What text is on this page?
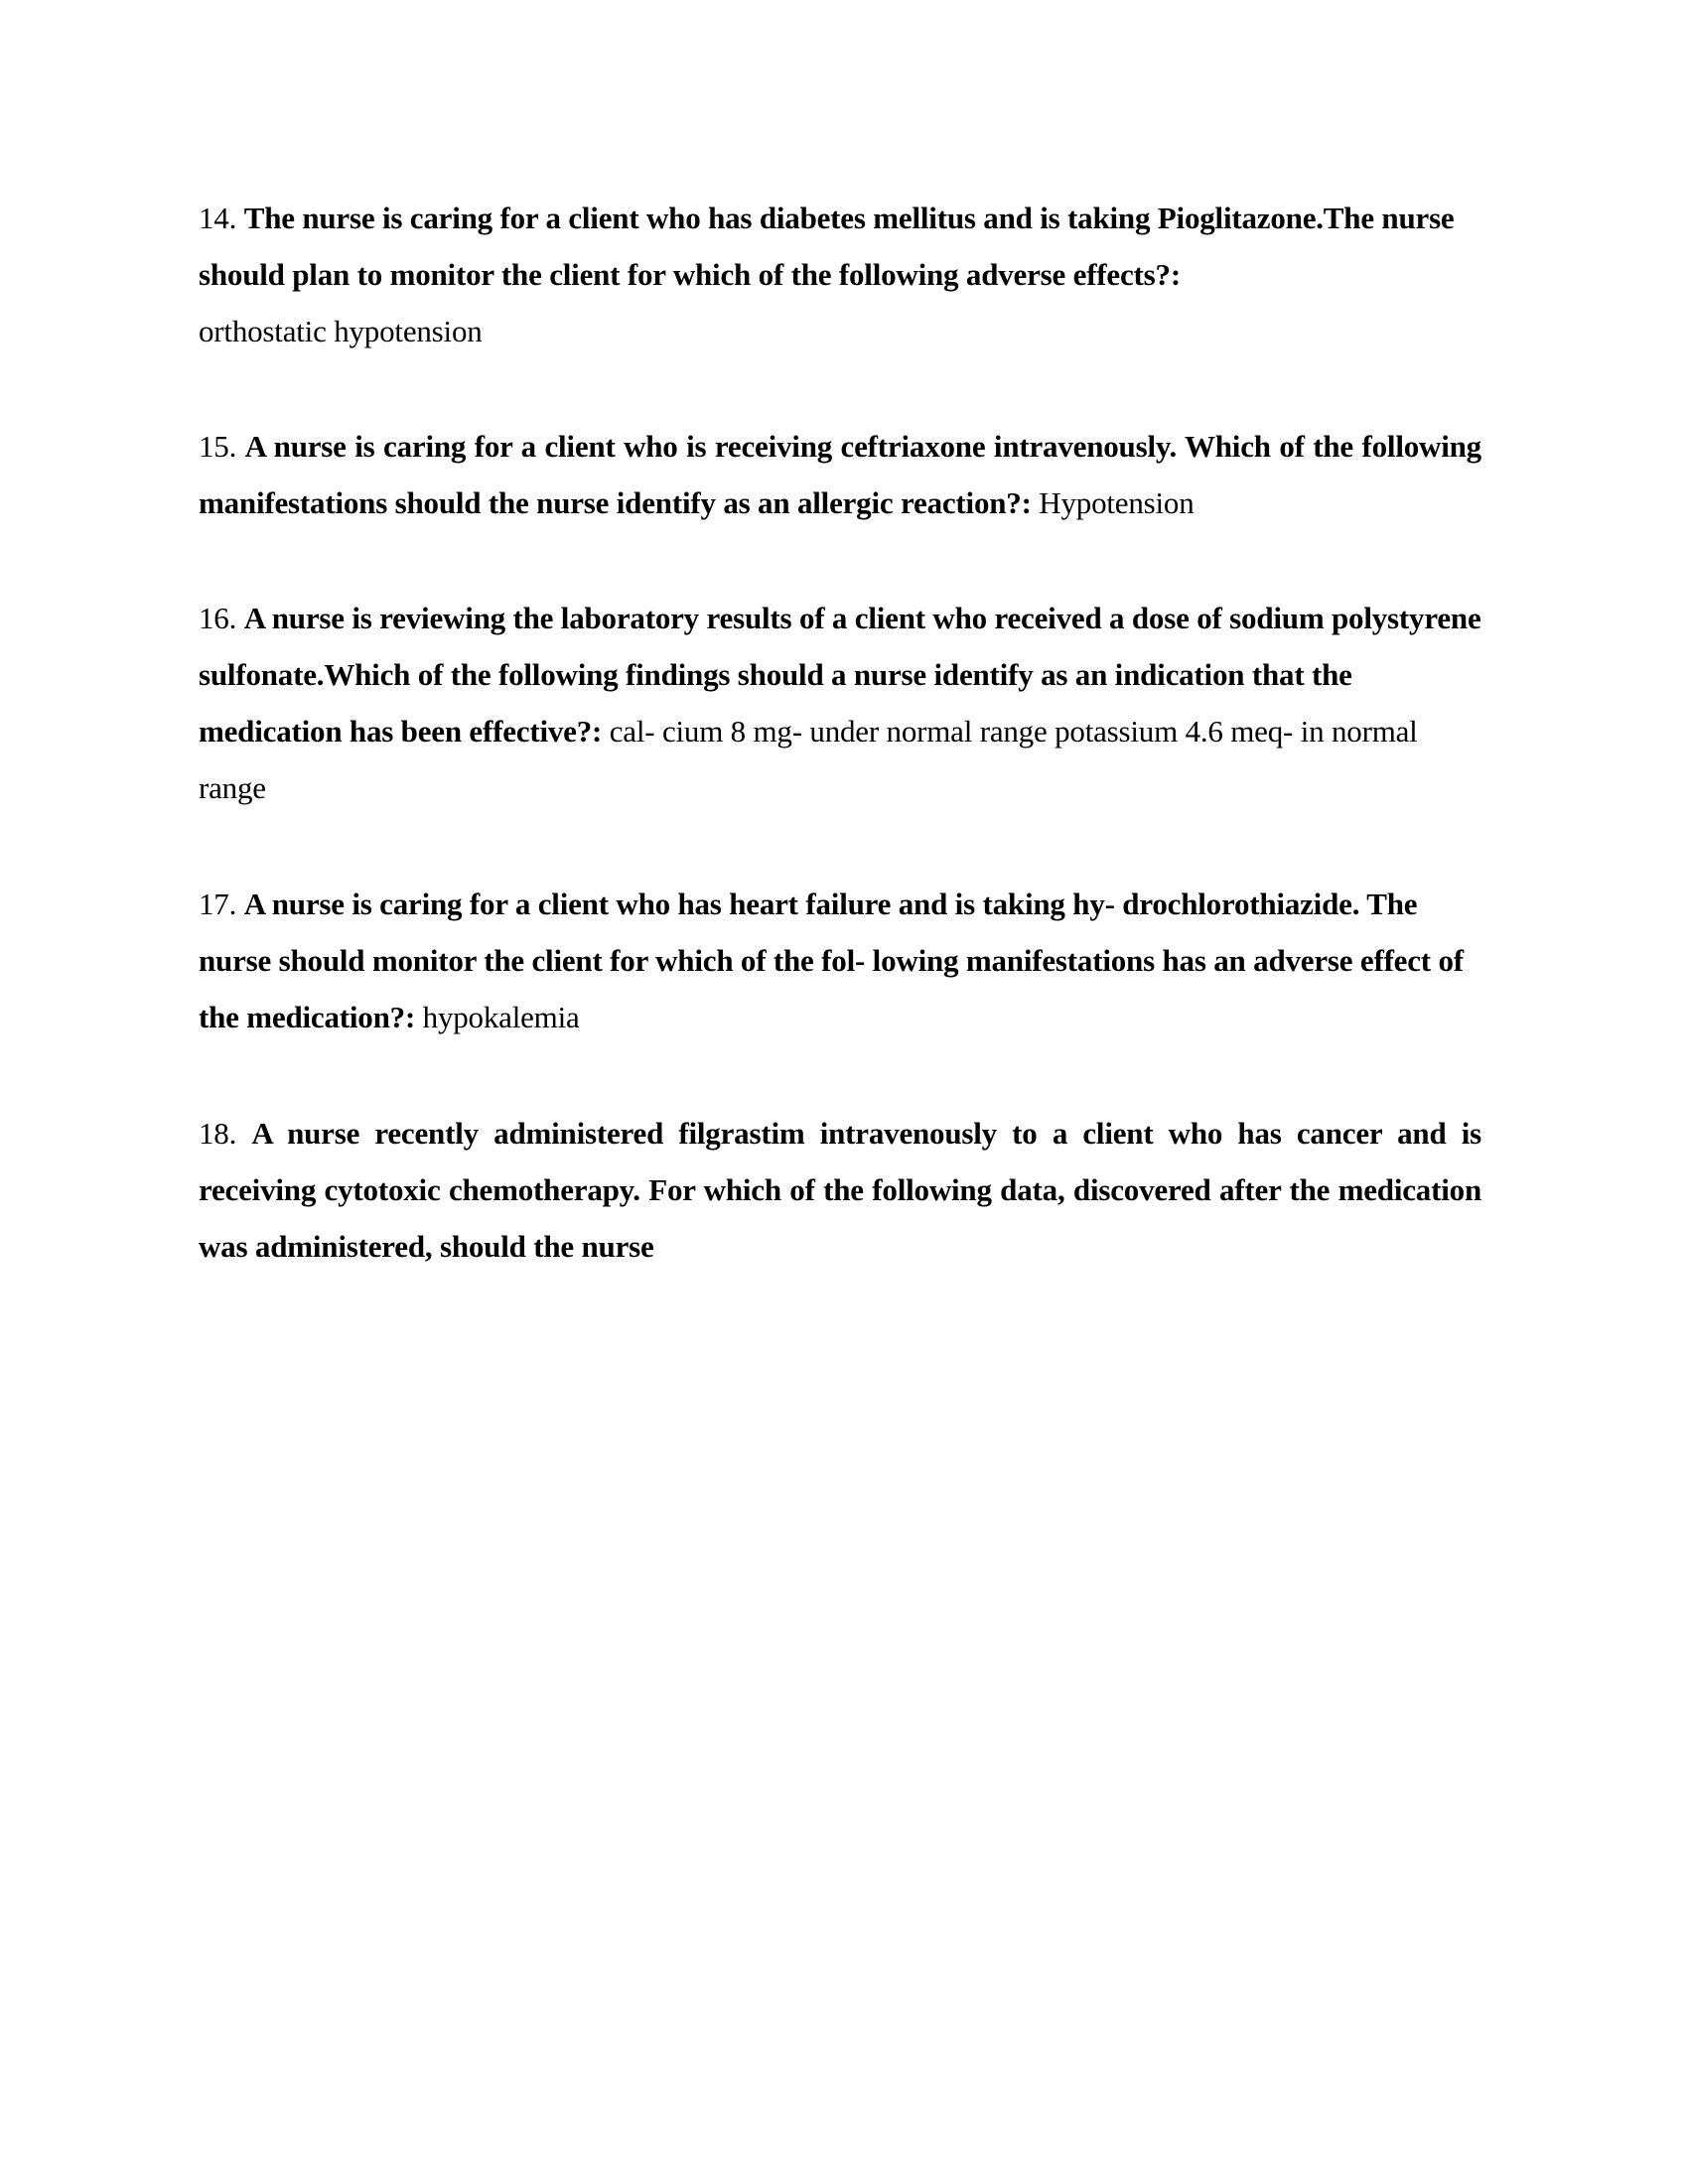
14. The nurse is caring for a client who has diabetes mellitus and is taking Pioglitazone.The nurse should plan to monitor the client for which of the following adverse effects?:
orthostatic hypotension

15. A nurse is caring for a client who is receiving ceftriaxone intravenously. Which of the following manifestations should the nurse identify as an allergic reaction?: Hypotension

16. A nurse is reviewing the laboratory results of a client who received a dose of sodium polystyrene sulfonate.Which of the following findings should a nurse identify as an indication that the medication has been effective?: cal- cium 8 mg- under normal range potassium 4.6 meq- in normal range

17. A nurse is caring for a client who has heart failure and is taking hy- drochlorothiazide. The nurse should monitor the client for which of the fol- lowing manifestations has an adverse effect of the medication?: hypokalemia

18. A nurse recently administered filgrastim intravenously to a client who has cancer and is receiving cytotoxic chemotherapy. For which of the following data, discovered after the medication was administered, should the nurse
